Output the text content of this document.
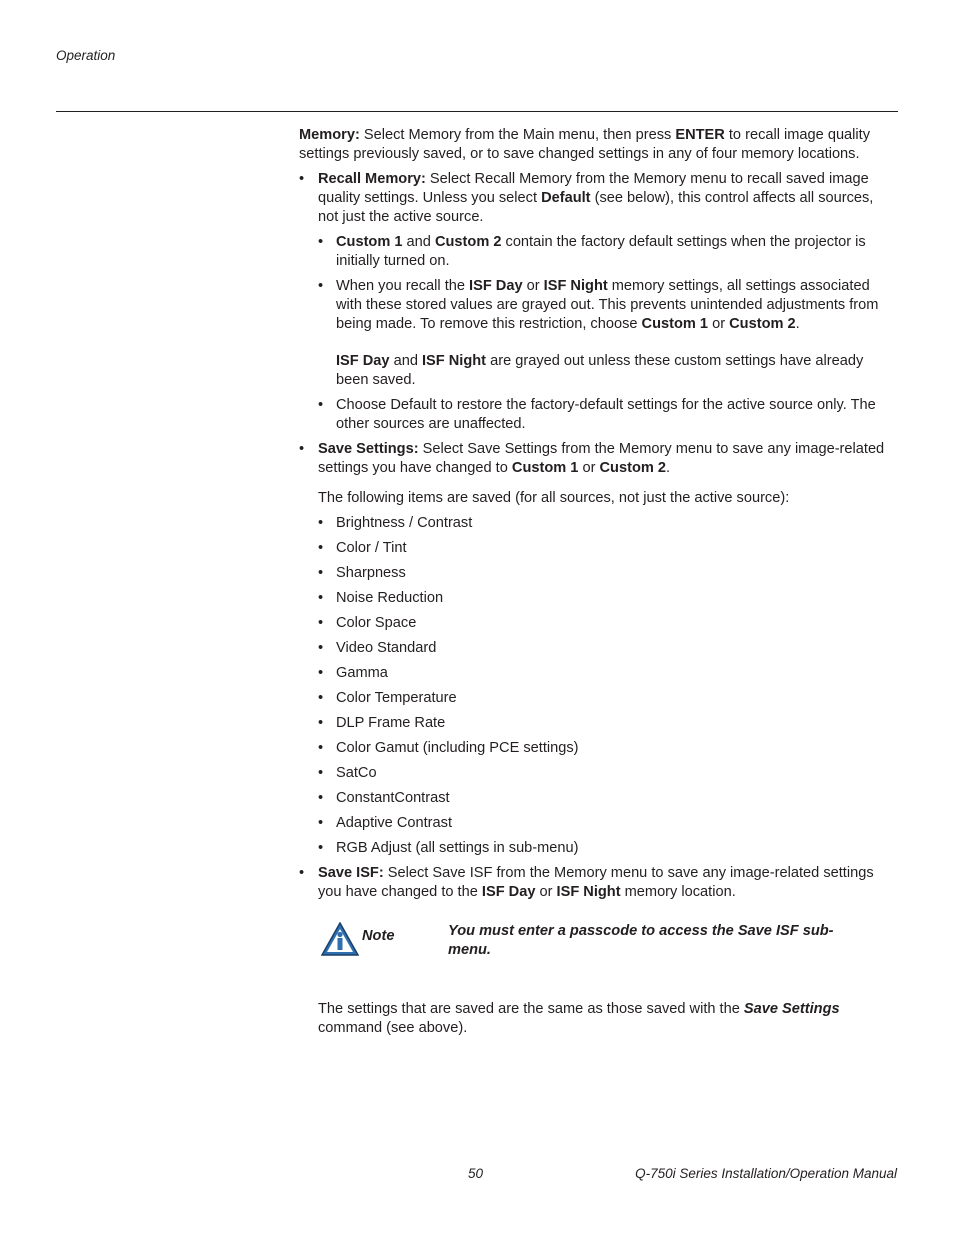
Operation

Memory: Select Memory from the Main menu, then press ENTER to recall image quality settings previously saved, or to save changed settings in any of four memory locations.

• Recall Memory: Select Recall Memory from the Memory menu to recall saved image quality settings. Unless you select Default (see below), this control affects all sources, not just the active source.
• Custom 1 and Custom 2 contain the factory default settings when the projector is initially turned on.
• When you recall the ISF Day or ISF Night memory settings, all settings associated with these stored values are grayed out. This prevents unintended adjustments from being made. To remove this restriction, choose Custom 1 or Custom 2.

ISF Day and ISF Night are grayed out unless these custom settings have already been saved.

• Choose Default to restore the factory-default settings for the active source only. The other sources are unaffected.
• Save Settings: Select Save Settings from the Memory menu to save any image-related settings you have changed to Custom 1 or Custom 2.

The following items are saved (for all sources, not just the active source):

• Brightness / Contrast
• Color / Tint
• Sharpness
• Noise Reduction
• Color Space
• Video Standard
• Gamma
• Color Temperature
• DLP Frame Rate
• Color Gamut (including PCE settings)
• SatCo
• ConstantContrast
• Adaptive Contrast
• RGB Adjust (all settings in sub-menu)
• Save ISF: Select Save ISF from the Memory menu to save any image-related settings you have changed to the ISF Day or ISF Night memory location.
Note	You must enter a passcode to access the Save ISF sub-menu.

The settings that are saved are the same as those saved with the Save Settings command (see above).

50	Q-750i Series Installation/Operation Manual
